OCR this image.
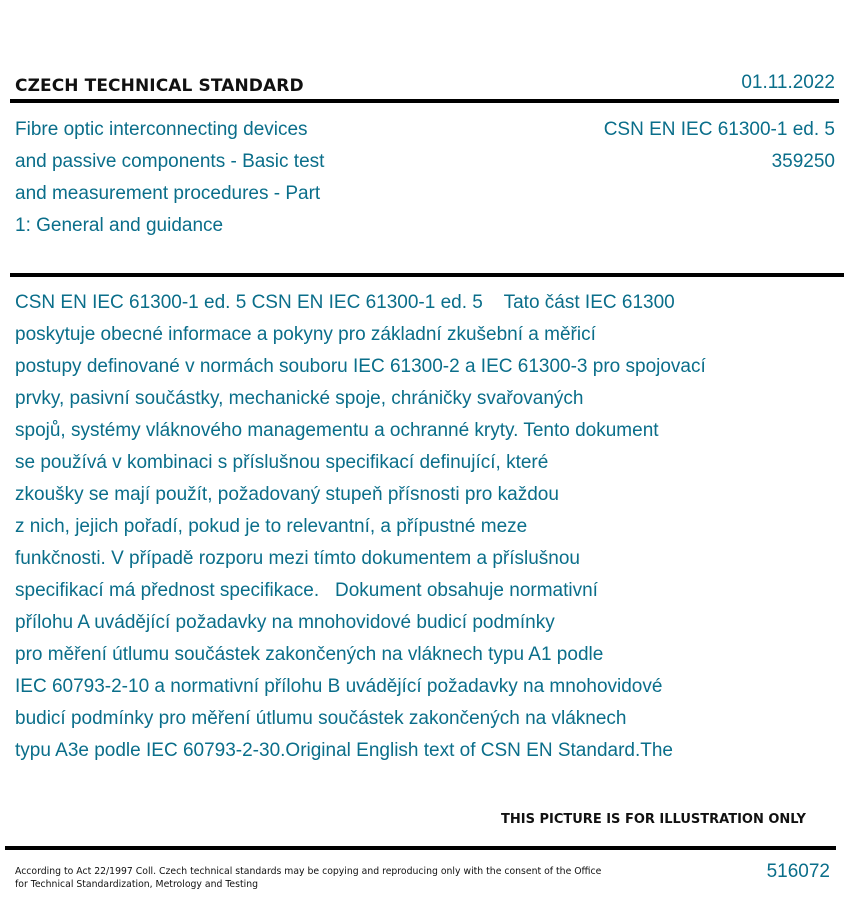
CZECH TECHNICAL STANDARD	01.11.2022
Fibre optic interconnecting devices
and passive components - Basic test
and measurement procedures - Part
1: General and guidance
CSN EN IEC 61300-1 ed. 5
359250
CSN EN IEC 61300-1 ed. 5 CSN EN IEC 61300-1 ed. 5    Tato část IEC 61300
poskytuje obecné informace a pokyny pro základní zkušební a měřicí
postupy definované v normách souboru IEC 61300-2 a IEC 61300-3 pro spojovací
prvky, pasivní součástky, mechanické spoje, chráničky svařovaných
spojů, systémy vláknového managementu a ochranné kryty. Tento dokument
se používá v kombinaci s příslušnou specifikací definující, které
zkoušky se mají použít, požadovaný stupeň přísnosti pro každou
z nich, jejich pořadí, pokud je to relevantní, a přípustné meze
funkčnosti. V případě rozporu mezi tímto dokumentem a příslušnou
specifikací má přednost specifikace.   Dokument obsahuje normativní
přílohu A uvádějící požadavky na mnohovidové budicí podmínky
pro měření útlumu součástek zakončených na vláknech typu A1 podle
IEC 60793-2-10 a normativní přílohu B uvádějící požadavky na mnohovidové
budicí podmínky pro měření útlumu součástek zakončených na vláknech
typu A3e podle IEC 60793-2-30.Original English text of CSN EN Standard.The
THIS PICTURE IS FOR ILLUSTRATION ONLY
According to Act 22/1997 Coll. Czech technical standards may be copying and reproducing only with the consent of the Office
for Technical Standardization, Metrology and Testing
516072
